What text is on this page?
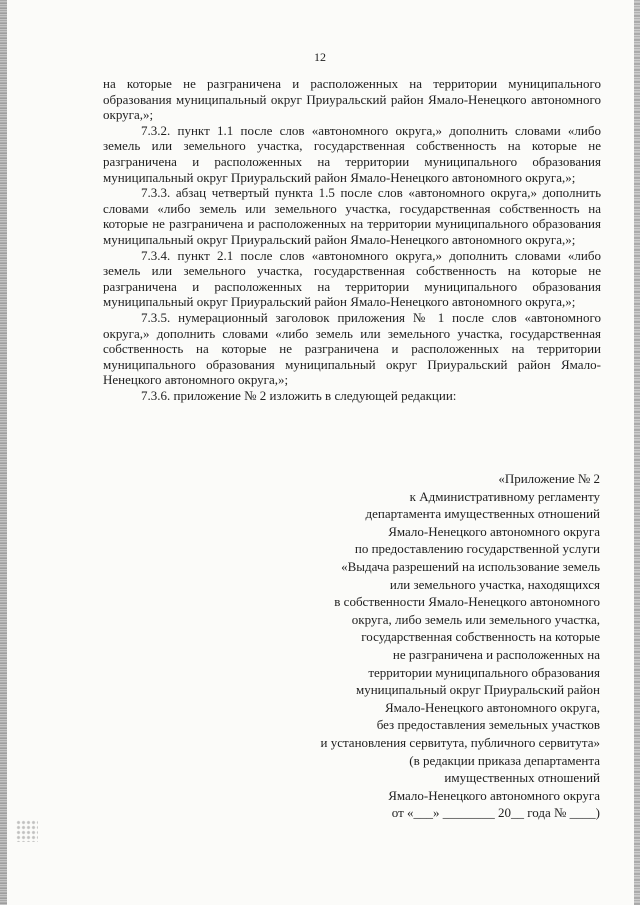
12

на которые не разграничена и расположенных на территории муниципального образования муниципальный округ Приуральский район Ямало-Ненецкого автономного округа,»;

7.3.2. пункт 1.1 после слов «автономного округа,» дополнить словами «либо земель или земельного участка, государственная собственность на которые не разграничена и расположенных на территории муниципального образования муниципальный округ Приуральский район Ямало-Ненецкого автономного округа,»;

7.3.3. абзац четвертый пункта 1.5 после слов «автономного округа,» дополнить словами «либо земель или земельного участка, государственная собственность на которые не разграничена и расположенных на территории муниципального образования муниципальный округ Приуральский район Ямало-Ненецкого автономного округа,»;

7.3.4. пункт 2.1 после слов «автономного округа,» дополнить словами «либо земель или земельного участка, государственная собственность на которые не разграничена и расположенных на территории муниципального образования муниципальный округ Приуральский район Ямало-Ненецкого автономного округа,»;

7.3.5. нумерационный заголовок приложения № 1 после слов «автономного округа,» дополнить словами «либо земель или земельного участка, государственная собственность на которые не разграничена и расположенных на территории муниципального образования муниципальный округ Приуральский район Ямало-Ненецкого автономного округа,»;

7.3.6. приложение № 2 изложить в следующей редакции:

«Приложение № 2
к Административному регламенту
департамента имущественных отношений
Ямало-Ненецкого автономного округа
по предоставлению государственной услуги
«Выдача разрешений на использование земель
или земельного участка, находящихся
в собственности Ямало-Ненецкого автономного
округа, либо земель или земельного участка,
государственная собственность на которые
не разграничена и расположенных на
территории муниципального образования
муниципальный округ Приуральский район
Ямало-Ненецкого автономного округа,
без предоставления земельных участков
и установления сервитута, публичного сервитута»
(в редакции приказа департамента
имущественных отношений
Ямало-Ненецкого автономного округа
от «___» ________ 20__ года № ____)
